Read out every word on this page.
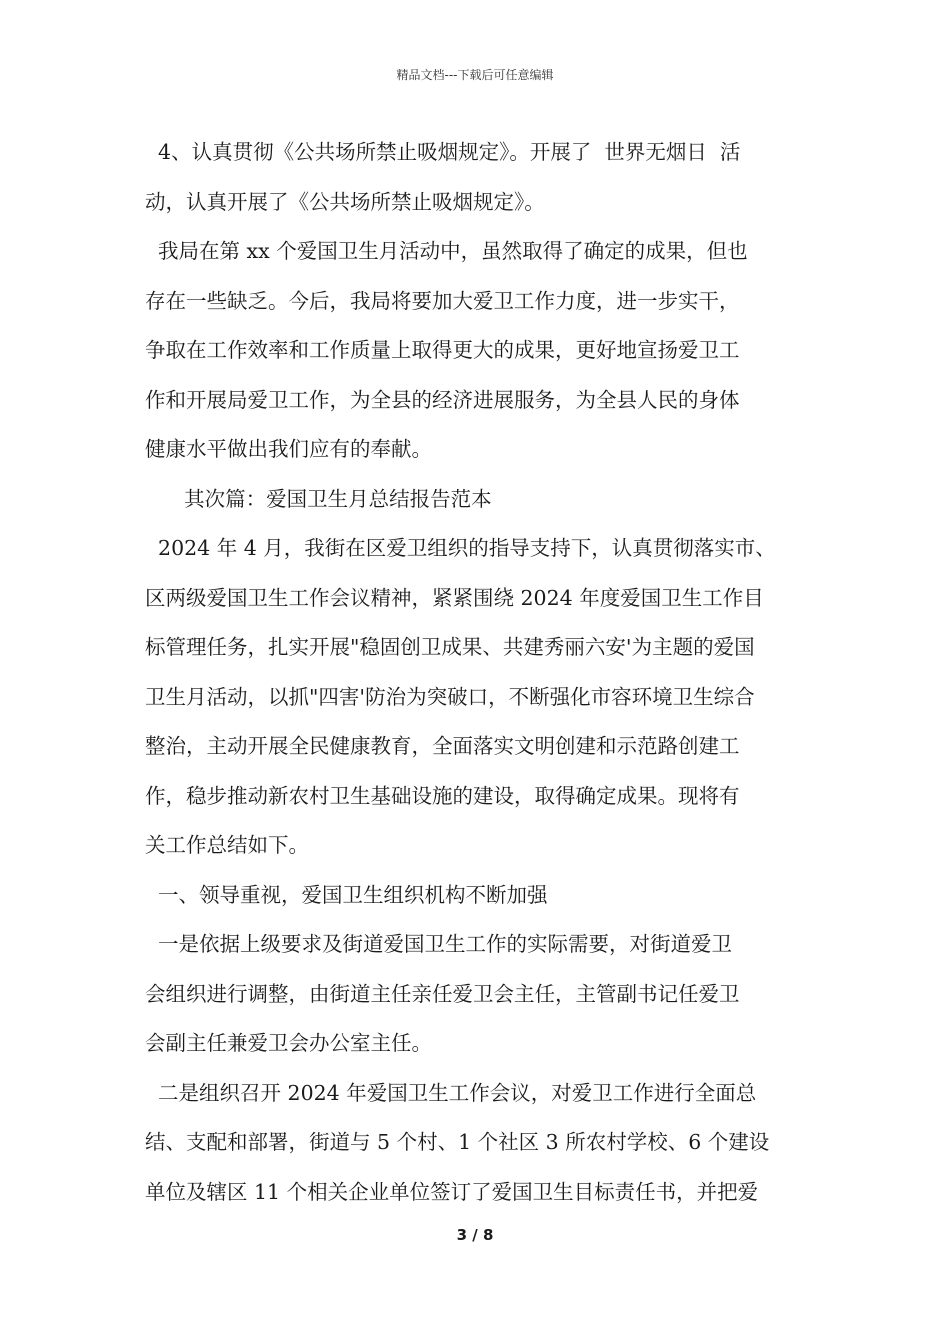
精品文档---下载后可任意编辑
4、认真贯彻《公共场所禁止吸烟规定》。开展了  世界无烟日  活
动，认真开展了《公共场所禁止吸烟规定》。
我局在第 xx 个爱国卫生月活动中，虽然取得了确定的成果，但也
存在一些缺乏。今后，我局将要加大爱卫工作力度，进一步实干，
争取在工作效率和工作质量上取得更大的成果，更好地宣扬爱卫工
作和开展局爱卫工作，为全县的经济进展服务，为全县人民的身体
健康水平做出我们应有的奉献。
其次篇：爱国卫生月总结报告范本
2024 年 4 月，我街在区爱卫组织的指导支持下，认真贯彻落实市、
区两级爱国卫生工作会议精神，紧紧围绕 2024 年度爱国卫生工作目
标管理任务，扎实开展"稳固创卫成果、共建秀丽六安'为主题的爱国
卫生月活动，以抓"四害'防治为突破口，不断强化市容环境卫生综合
整治，主动开展全民健康教育，全面落实文明创建和示范路创建工
作，稳步推动新农村卫生基础设施的建设，取得确定成果。现将有
关工作总结如下。
一、领导重视，爱国卫生组织机构不断加强
一是依据上级要求及街道爱国卫生工作的实际需要，对街道爱卫
会组织进行调整，由街道主任亲任爱卫会主任，主管副书记任爱卫
会副主任兼爱卫会办公室主任。
二是组织召开 2024 年爱国卫生工作会议，对爱卫工作进行全面总
结、支配和部署，街道与 5 个村、1 个社区 3 所农村学校、6 个建设
单位及辖区 11 个相关企业单位签订了爱国卫生目标责任书，并把爱
3 / 8
